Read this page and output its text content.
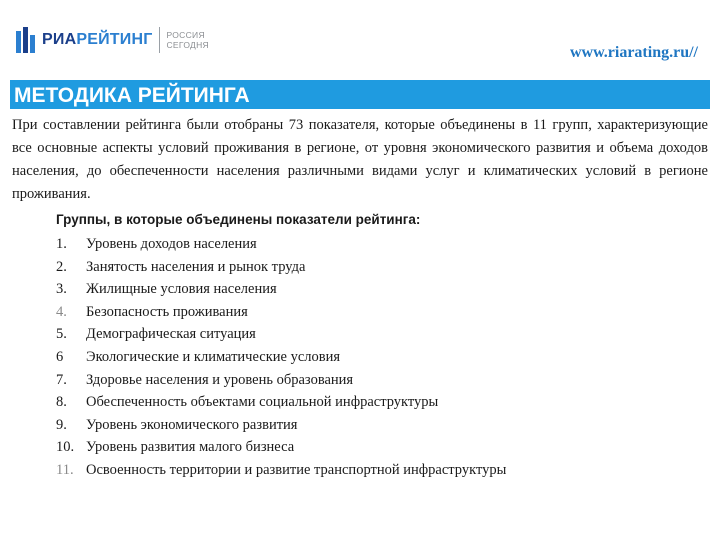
РИАРЕЙТИНГ РОССИЯ
СЕГОДНЯ	www.riarating.ru//
МЕТОДИКА РЕЙТИНГА

При составлении рейтинга были отобраны 73 показателя, которые объединены в 11 групп, характеризующие все основные аспекты условий проживания в регионе, от уровня экономического развития и объема доходов населения, до обеспеченности населения различными видами услуг и климатических условий в регионе проживания.

Группы, в которые объединены показатели рейтинга:
1. Уровень доходов населения
2. Занятость населения и рынок труда
3. Жилищные условия населения
4. Безопасность проживания
5. Демографическая ситуация
6 Экологические и климатические условия
7. Здоровье населения и уровень образования
8. Обеспеченность объектами социальной инфраструктуры
9. Уровень экономического развития
10. Уровень развития малого бизнеса
11. Освоенность территории и развитие транспортной инфраструктуры
